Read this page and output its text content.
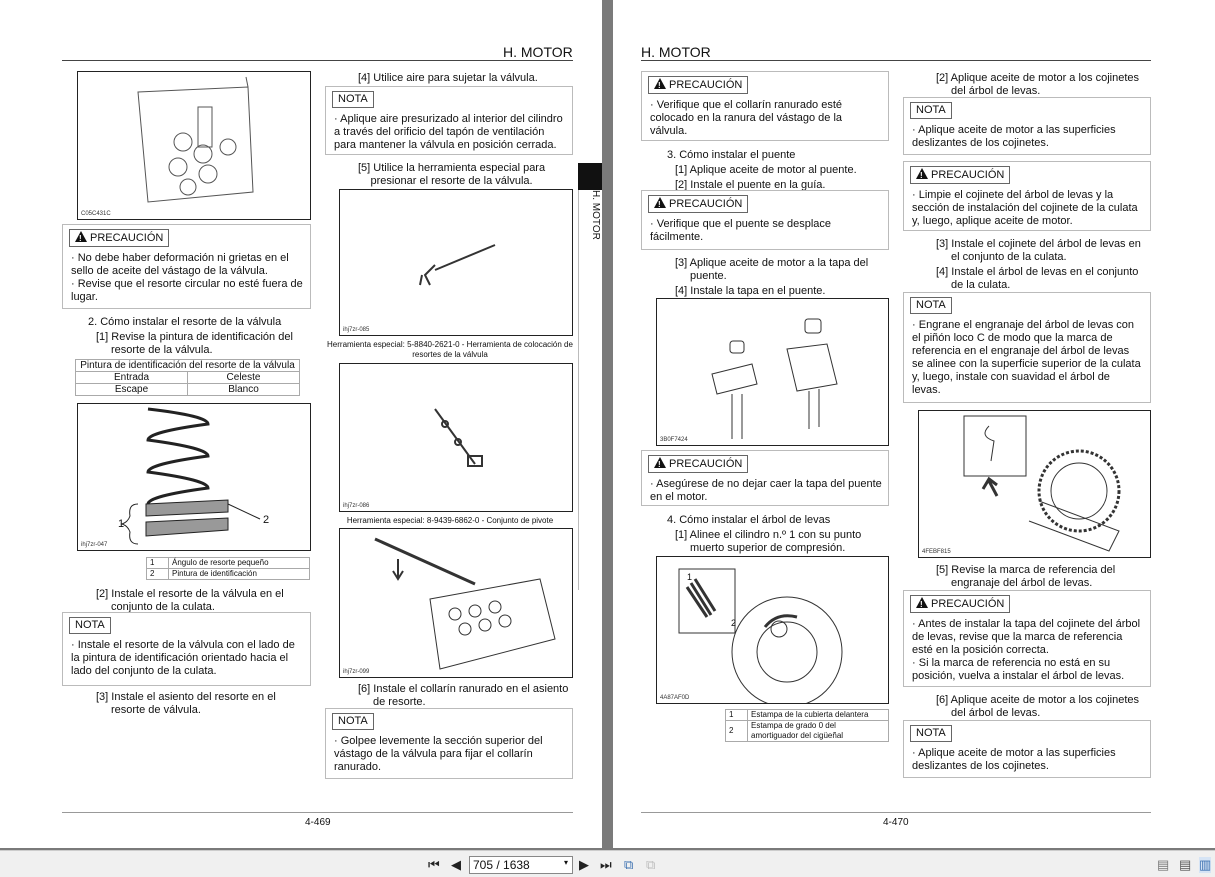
H. MOTOR
C05C431C
!PRECAUCIÓN
· No debe haber deformación ni grietas en el
sello de aceite del vástago de la válvula.
· Revise que el resorte circular no esté fuera de
lugar.
2. Cómo instalar el resorte de la válvula
[1] Revise la pintura de identificación del
resorte de la válvula.
Pintura de identificación del resorte de la válvula	
Entrada	Celeste
Escape	Blanco
1	2
ihj7zr-047
1	Ángulo de resorte pequeño
2	Pintura de identificación
[2] Instale el resorte de la válvula en el
conjunto de la culata.
NOTA
· Instale el resorte de la válvula con el lado de
la pintura de identificación orientado hacia el
lado del conjunto de la culata.
[3] Instale el asiento del resorte en el
resorte de válvula.
[4] Utilice aire para sujetar la válvula.
NOTA
· Aplique aire presurizado al interior del cilindro
a través del orificio del tapón de ventilación
para mantener la válvula en posición cerrada.
[5] Utilice la herramienta especial para
presionar el resorte de la válvula.
ihj7zr-085
Herramienta especial: 5-8840-2621-0 - Herramienta de colocación de
resortes de la válvula
ihj7zr-086
Herramienta especial: 8-9439-6862-0 - Conjunto de pivote
ihj7zr-099
[6] Instale el collarín ranurado en el asiento
de resorte.
NOTA
· Golpee levemente la sección superior del
vástago de la válvula para fijar el collarín
ranurado.
H. MOTOR
4-469
H. MOTOR
!PRECAUCIÓN
· Verifique que el collarín ranurado esté
colocado en la ranura del vástago de la
válvula.
3. Cómo instalar el puente
[1] Aplique aceite de motor al puente.
[2] Instale el puente en la guía.
!PRECAUCIÓN
· Verifique que el puente se desplace
fácilmente.
[3] Aplique aceite de motor a la tapa del
puente.
[4] Instale la tapa en el puente.
3B0F7424
!PRECAUCIÓN
· Asegúrese de no dejar caer la tapa del puente
en el motor.
4. Cómo instalar el árbol de levas
[1] Alinee el cilindro n.º 1 con su punto
muerto superior de compresión.
1
2
4A87AF0D
1	Estampa de la cubierta delantera
2	Estampa de grado 0 del amortiguador del cigüeñal
[2] Aplique aceite de motor a los cojinetes
del árbol de levas.
NOTA
· Aplique aceite de motor a las superficies
deslizantes de los cojinetes.
!PRECAUCIÓN
· Limpie el cojinete del árbol de levas y la
sección de instalación del cojinete de la culata
y, luego, aplique aceite de motor.
[3] Instale el cojinete del árbol de levas en
el conjunto de la culata.
[4] Instale el árbol de levas en el conjunto
de la culata.
NOTA
· Engrane el engranaje del árbol de levas con
el piñón loco C de modo que la marca de
referencia en el engranaje del árbol de levas
se alinee con la superficie superior de la culata
y, luego, instale con suavidad el árbol de
levas.
4FEBF815
[5] Revise la marca de referencia del
engranaje del árbol de levas.
!PRECAUCIÓN
· Antes de instalar la tapa del cojinete del árbol
de levas, revise que la marca de referencia
esté en la posición correcta.
· Si la marca de referencia no está en su
posición, vuelva a instalar el árbol de levas.
[6] Aplique aceite de motor a los cojinetes
del árbol de levas.
NOTA
· Aplique aceite de motor a las superficies
deslizantes de los cojinetes.
4-470
⏮ ◀	705 / 1638	▾ ▶ ⏭ ⧉ ⧉	▤ ▤ ▥
